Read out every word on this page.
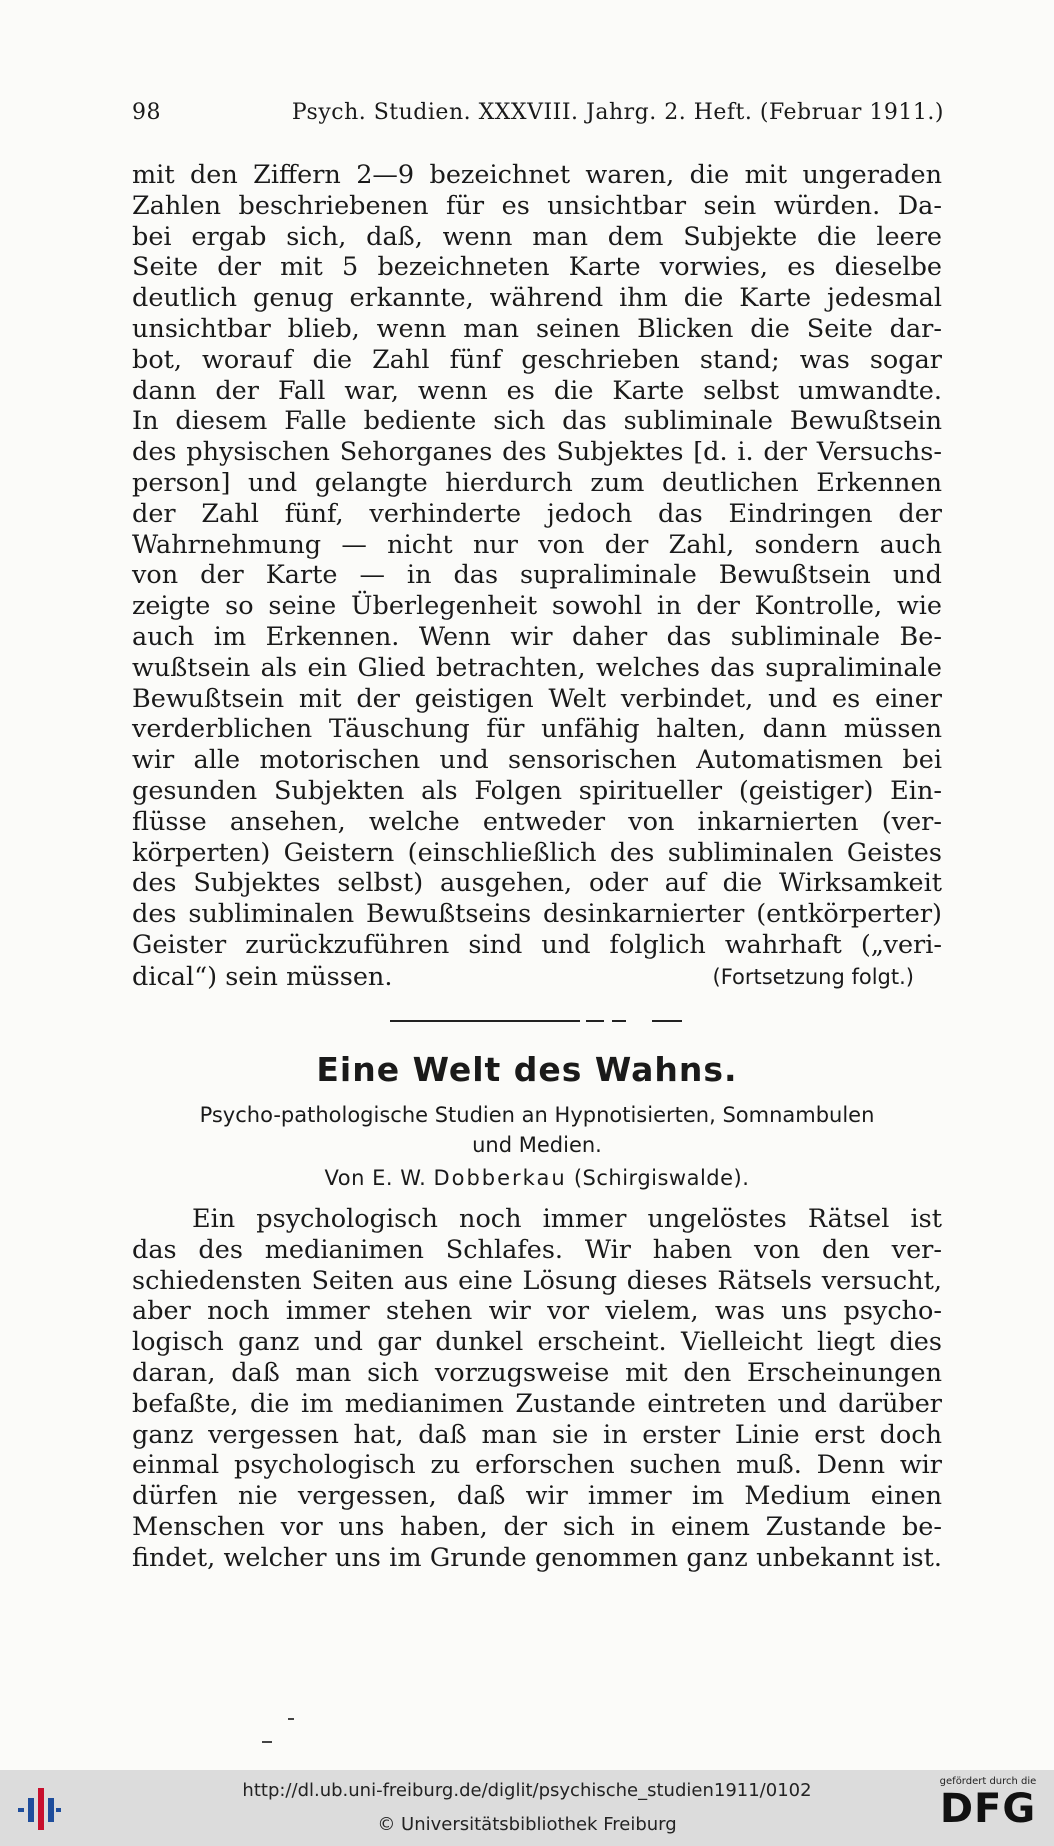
98	Psych. Studien. XXXVIII. Jahrg. 2. Heft. (Februar 1911.)
mit den Ziffern 2—9 bezeichnet waren, die mit ungeraden
Zahlen beschriebenen für es unsichtbar sein würden. Da-
bei ergab sich, daß, wenn man dem Subjekte die leere
Seite der mit 5 bezeichneten Karte vorwies, es dieselbe
deutlich genug erkannte, während ihm die Karte jedesmal
unsichtbar blieb, wenn man seinen Blicken die Seite dar-
bot, worauf die Zahl fünf geschrieben stand; was sogar
dann der Fall war, wenn es die Karte selbst umwandte.
In diesem Falle bediente sich das subliminale Bewußtsein
des physischen Sehorganes des Subjektes [d. i. der Versuchs-
person] und gelangte hierdurch zum deutlichen Erkennen
der Zahl fünf, verhinderte jedoch das Eindringen der
Wahrnehmung — nicht nur von der Zahl, sondern auch
von der Karte — in das supraliminale Bewußtsein und
zeigte so seine Überlegenheit sowohl in der Kontrolle, wie
auch im Erkennen. Wenn wir daher das subliminale Be-
wußtsein als ein Glied betrachten, welches das supraliminale
Bewußtsein mit der geistigen Welt verbindet, und es einer
verderblichen Täuschung für unfähig halten, dann müssen
wir alle motorischen und sensorischen Automatismen bei
gesunden Subjekten als Folgen spiritueller (geistiger) Ein-
flüsse ansehen, welche entweder von inkarnierten (ver-
körperten) Geistern (einschließlich des subliminalen Geistes
des Subjektes selbst) ausgehen, oder auf die Wirksamkeit
des subliminalen Bewußtseins desinkarnierter (entkörperter)
Geister zurückzuführen sind und folglich wahrhaft („veri-
dical“) sein müssen.	(Fortsetzung folgt.)
Eine Welt des Wahns.
Psycho-pathologische Studien an Hypnotisierten, Somnambulen
und Medien.
Von E. W. Dobberkau (Schirgiswalde).
Ein psychologisch noch immer ungelöstes Rätsel ist
das des medianimen Schlafes. Wir haben von den ver-
schiedensten Seiten aus eine Lösung dieses Rätsels versucht,
aber noch immer stehen wir vor vielem, was uns psycho-
logisch ganz und gar dunkel erscheint. Vielleicht liegt dies
daran, daß man sich vorzugsweise mit den Erscheinungen
befaßte, die im medianimen Zustande eintreten und darüber
ganz vergessen hat, daß man sie in erster Linie erst doch
einmal psychologisch zu erforschen suchen muß. Denn wir
dürfen nie vergessen, daß wir immer im Medium einen
Menschen vor uns haben, der sich in einem Zustande be-
findet, welcher uns im Grunde genommen ganz unbekannt ist.
http://dl.ub.uni-freiburg.de/diglit/psychische_studien1911/0102
© Universitätsbibliothek Freiburg
gefördert durch die
DFG
